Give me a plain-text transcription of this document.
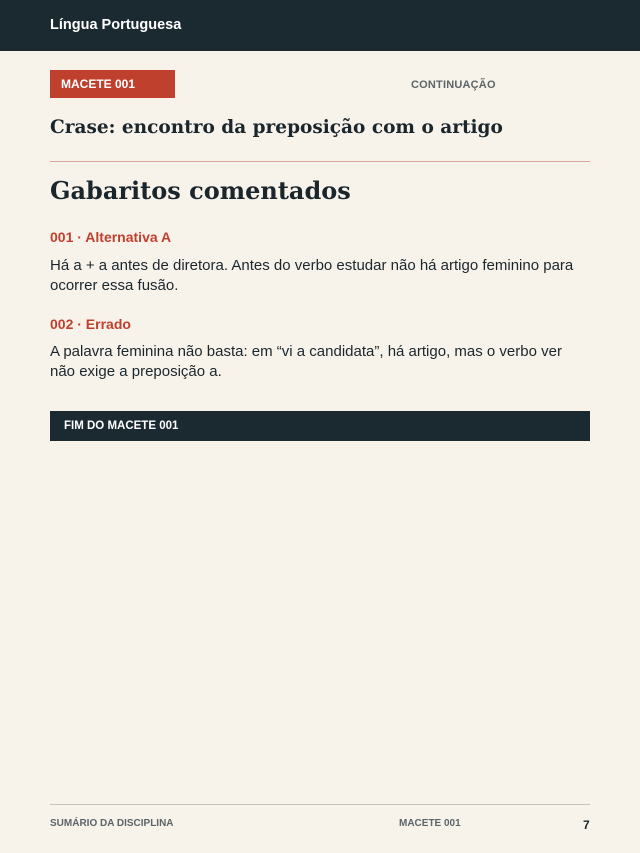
Língua Portuguesa
MACETE 001	CONTINUAÇÃO
Crase: encontro da preposição com o artigo
Gabaritos comentados
001 · Alternativa A
Há a + a antes de diretora. Antes do verbo estudar não há artigo feminino para ocorrer essa fusão.
002 · Errado
A palavra feminina não basta: em “vi a candidata”, há artigo, mas o verbo ver não exige a preposição a.
FIM DO MACETE 001
SUMÁRIO DA DISCIPLINA	MACETE 001	7
